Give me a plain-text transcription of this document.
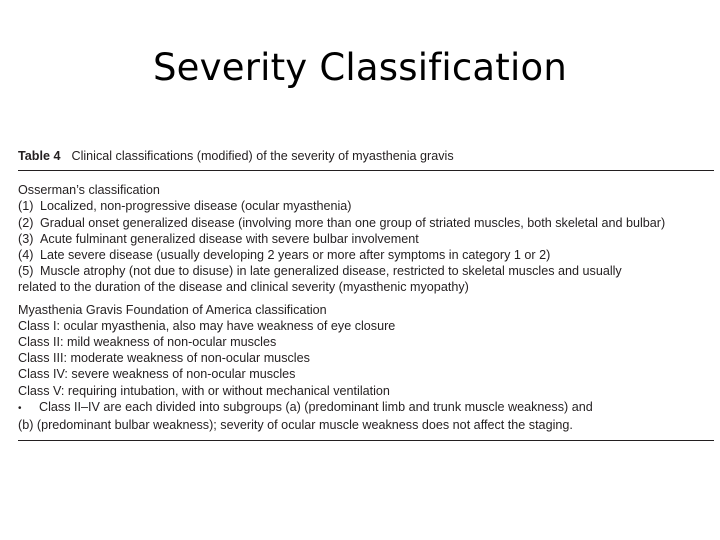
Severity Classification

Table 4 Clinical classifications (modified) of the severity of myasthenia gravis

Osserman’s classification
(1) Localized, non-progressive disease (ocular myasthenia)
(2) Gradual onset generalized disease (involving more than one group of striated muscles, both skeletal and bulbar)
(3) Acute fulminant generalized disease with severe bulbar involvement
(4) Late severe disease (usually developing 2 years or more after symptoms in category 1 or 2)
(5) Muscle atrophy (not due to disuse) in late generalized disease, restricted to skeletal muscles and usually
related to the duration of the disease and clinical severity (myasthenic myopathy)
Myasthenia Gravis Foundation of America classification
Class I: ocular myasthenia, also may have weakness of eye closure
Class II: mild weakness of non-ocular muscles
Class III: moderate weakness of non-ocular muscles
Class IV: severe weakness of non-ocular muscles
Class V: requiring intubation, with or without mechanical ventilation
• Class II–IV are each divided into subgroups (a) (predominant limb and trunk muscle weakness) and
(b) (predominant bulbar weakness); severity of ocular muscle weakness does not affect the staging.
